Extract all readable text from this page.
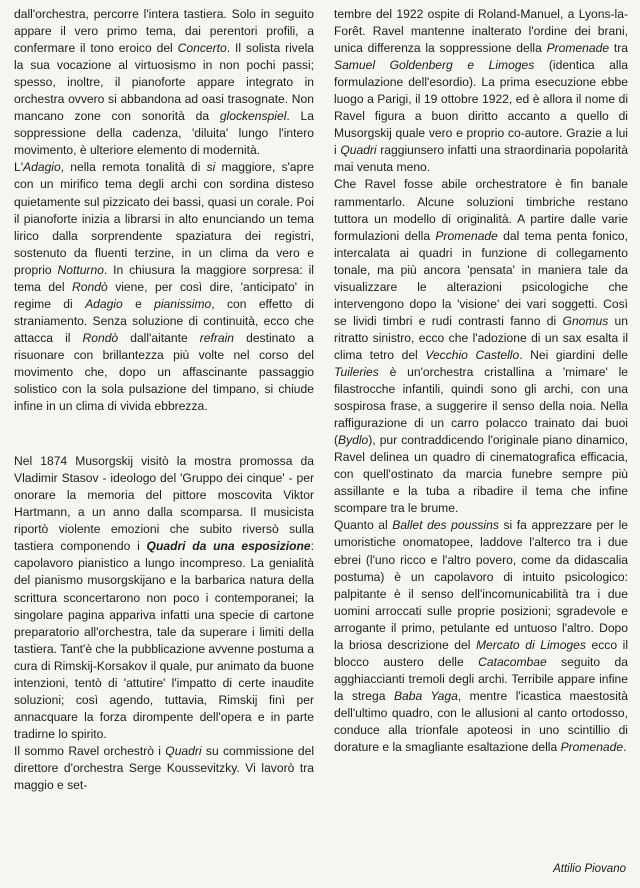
dall'orchestra, percorre l'intera tastiera. Solo in seguito appare il vero primo tema, dai perentori profili, a confermare il tono eroico del Concerto. Il solista rivela la sua vocazione al virtuosismo in non pochi passi; spesso, inoltre, il pianoforte appare integrato in orchestra ovvero si abbandona ad oasi trasognate. Non mancano zone con sonorità da glockenspiel. La soppressione della cadenza, 'diluita' lungo l'intero movimento, è ulteriore elemento di modernità.

L'Adagio, nella remota tonalità di si maggiore, s'apre con un mirifico tema degli archi con sordina disteso quietamente sul pizzicato dei bassi, quasi un corale. Poi il pianoforte inizia a librarsi in alto enunciando un tema lirico dalla sorprendente spaziatura dei registri, sostenuto da fluenti terzine, in un clima da vero e proprio Notturno. In chiusura la maggiore sorpresa: il tema del Rondò viene, per così dire, 'anticipato' in regime di Adagio e pianissimo, con effetto di straniamento. Senza soluzione di continuità, ecco che attacca il Rondò dall'aitante refrain destinato a risuonare con brillantezza più volte nel corso del movimento che, dopo un affascinante passaggio solistico con la sola pulsazione del timpano, si chiude infine in un clima di vivida ebbrezza.

Nel 1874 Musorgskij visitò la mostra promossa da Vladimir Stasov - ideologo del 'Gruppo dei cinque' - per onorare la memoria del pittore moscovita Viktor Hartmann, a un anno dalla scomparsa. Il musicista riportò violente emozioni che subito riversò sulla tastiera componendo i Quadri da una esposizione: capolavoro pianistico a lungo incompreso. La genialità del pianismo musorgskijano e la barbarica natura della scrittura sconcertarono non poco i contemporanei; la singolare pagina appariva infatti una specie di cartone preparatorio all'orchestra, tale da superare i limiti della tastiera. Tant'è che la pubblicazione avvenne postuma a cura di Rimskij-Korsakov il quale, pur animato da buone intenzioni, tentò di 'attutire' l'impatto di certe inaudite soluzioni; così agendo, tuttavia, Rimskij finì per annacquare la forza dirompente dell'opera e in parte tradirne lo spirito.

Il sommo Ravel orchestrò i Quadri su commissione del direttore d'orchestra Serge Koussevitzky. Vi lavorò tra maggio e set-

tembre del 1922 ospite di Roland-Manuel, a Lyons-la-Forêt. Ravel mantenne inalterato l'ordine dei brani, unica differenza la soppressione della Promenade tra Samuel Goldenberg e Limoges (identica alla formulazione dell'esordio). La prima esecuzione ebbe luogo a Parigi, il 19 ottobre 1922, ed è allora il nome di Ravel figura a buon diritto accanto a quello di Musorgskij quale vero e proprio co-autore. Grazie a lui i Quadri raggiunsero infatti una straordinaria popolarità mai venuta meno.

Che Ravel fosse abile orchestratore è fin banale rammentarlo. Alcune soluzioni timbriche restano tuttora un modello di originalità. A partire dalle varie formulazioni della Promenade dal tema penta fonico, intercalata ai quadri in funzione di collegamento tonale, ma più ancora 'pensata' in maniera tale da visualizzare le alterazioni psicologiche che intervengono dopo la 'visione' dei vari soggetti. Così se lividi timbri e rudi contrasti fanno di Gnomus un ritratto sinistro, ecco che l'adozione di un sax esalta il clima tetro del Vecchio Castello. Nei giardini delle Tuileries è un'orchestra cristallina a 'mimare' le filastrocche infantili, quindi sono gli archi, con una sospirosa frase, a suggerire il senso della noia. Nella raffigurazione di un carro polacco trainato dai buoi (Bydlo), pur contraddicendo l'originale piano dinamico, Ravel delinea un quadro di cinematografica efficacia, con quell'ostinato da marcia funebre sempre più assillante e la tuba a ribadire il tema che infine scompare tra le brume.

Quanto al Ballet des poussins si fa apprezzare per le umoristiche onomatopee, laddove l'alterco tra i due ebrei (l'uno ricco e l'altro povero, come da didascalia postuma) è un capolavoro di intuito psicologico: palpitante è il senso dell'incomunicabilità tra i due uomini arroccati sulle proprie posizioni; sgradevole e arrogante il primo, petulante ed untuoso l'altro. Dopo la briosa descrizione del Mercato di Limoges ecco il blocco austero delle Catacombae seguito da agghiaccianti tremoli degli archi. Terribile appare infine la strega Baba Yaga, mentre l'icastica maestosità dell'ultimo quadro, con le allusioni al canto ortodosso, conduce alla trionfale apoteosi in uno scintillio di dorature e la smagliante esaltazione della Promenade.

Attilio Piovano
